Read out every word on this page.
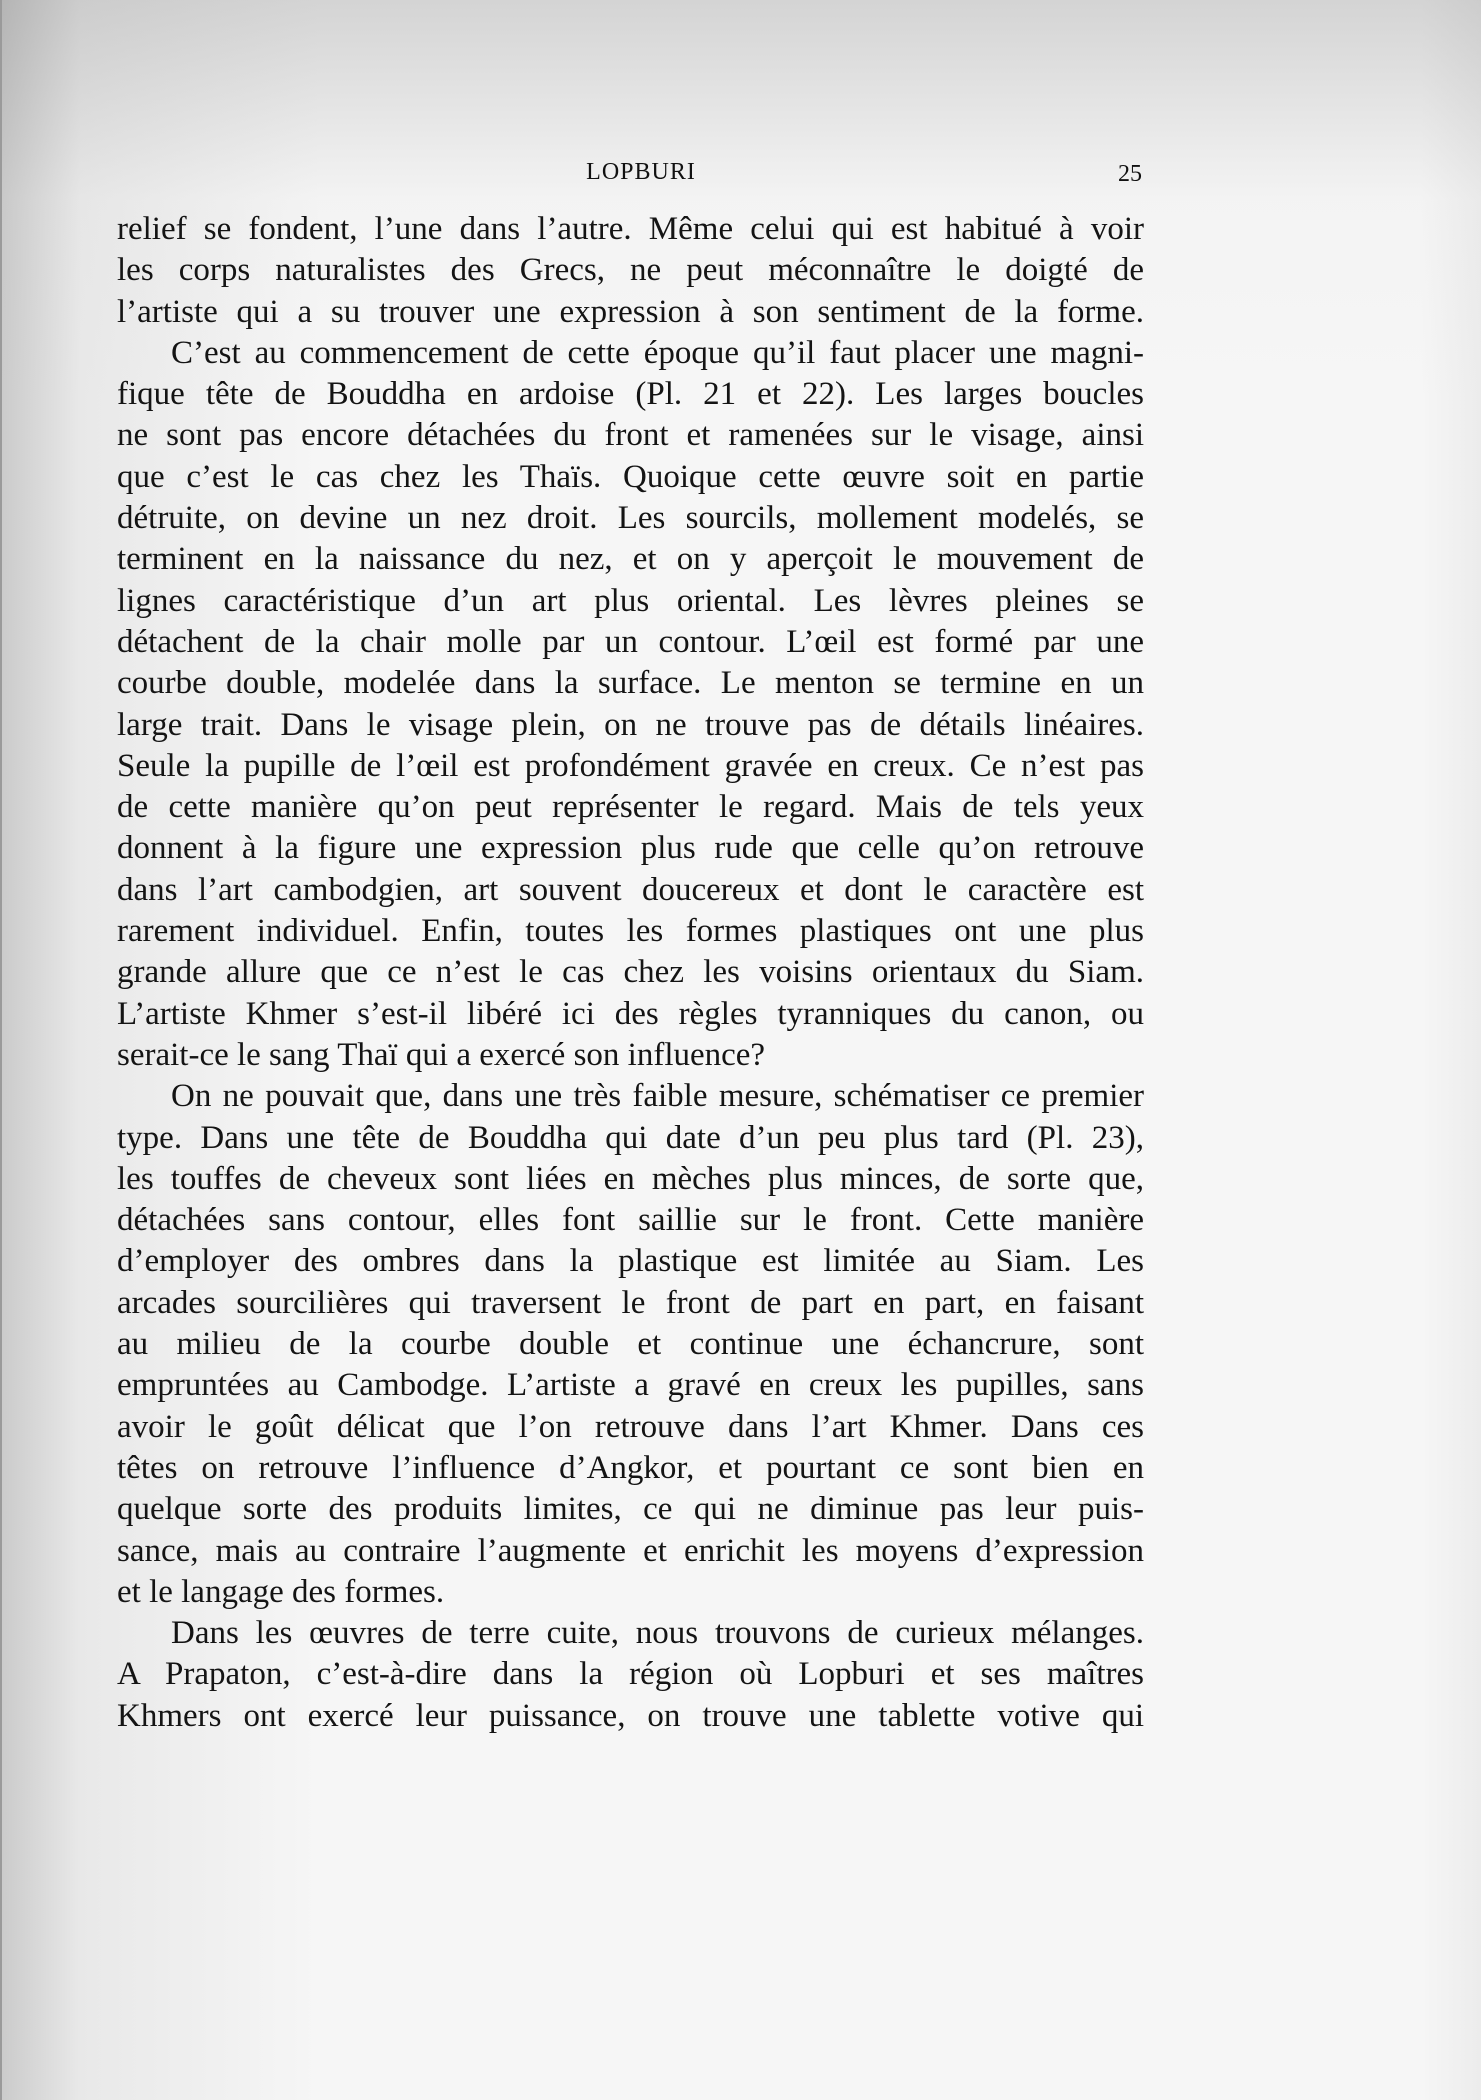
LOPBURI	25
relief se fondent, l’une dans l’autre. Même celui qui est habitué à voir
les corps naturalistes des Grecs, ne peut méconnaître le doigté de
l’artiste qui a su trouver une expression à son sentiment de la forme.
C’est au commencement de cette époque qu’il faut placer une magni-
fique tête de Bouddha en ardoise (Pl. 21 et 22). Les larges boucles
ne sont pas encore détachées du front et ramenées sur le visage, ainsi
que c’est le cas chez les Thaïs. Quoique cette œuvre soit en partie
détruite, on devine un nez droit. Les sourcils, mollement modelés, se
terminent en la naissance du nez, et on y aperçoit le mouvement de
lignes caractéristique d’un art plus oriental. Les lèvres pleines se
détachent de la chair molle par un contour. L’œil est formé par une
courbe double, modelée dans la surface. Le menton se termine en un
large trait. Dans le visage plein, on ne trouve pas de détails linéaires.
Seule la pupille de l’œil est profondément gravée en creux. Ce n’est pas
de cette manière qu’on peut représenter le regard. Mais de tels yeux
donnent à la figure une expression plus rude que celle qu’on retrouve
dans l’art cambodgien, art souvent doucereux et dont le caractère est
rarement individuel. Enfin, toutes les formes plastiques ont une plus
grande allure que ce n’est le cas chez les voisins orientaux du Siam.
L’artiste Khmer s’est-il libéré ici des règles tyranniques du canon, ou
serait-ce le sang Thaï qui a exercé son influence?
On ne pouvait que, dans une très faible mesure, schématiser ce premier
type. Dans une tête de Bouddha qui date d’un peu plus tard (Pl. 23),
les touffes de cheveux sont liées en mèches plus minces, de sorte que,
détachées sans contour, elles font saillie sur le front. Cette manière
d’employer des ombres dans la plastique est limitée au Siam. Les
arcades sourcilières qui traversent le front de part en part, en faisant
au milieu de la courbe double et continue une échancrure, sont
empruntées au Cambodge. L’artiste a gravé en creux les pupilles, sans
avoir le goût délicat que l’on retrouve dans l’art Khmer. Dans ces
têtes on retrouve l’influence d’Angkor, et pourtant ce sont bien en
quelque sorte des produits limites, ce qui ne diminue pas leur puis-
sance, mais au contraire l’augmente et enrichit les moyens d’expression
et le langage des formes.
Dans les œuvres de terre cuite, nous trouvons de curieux mélanges.
A Prapaton, c’est-à-dire dans la région où Lopburi et ses maîtres
Khmers ont exercé leur puissance, on trouve une tablette votive qui
